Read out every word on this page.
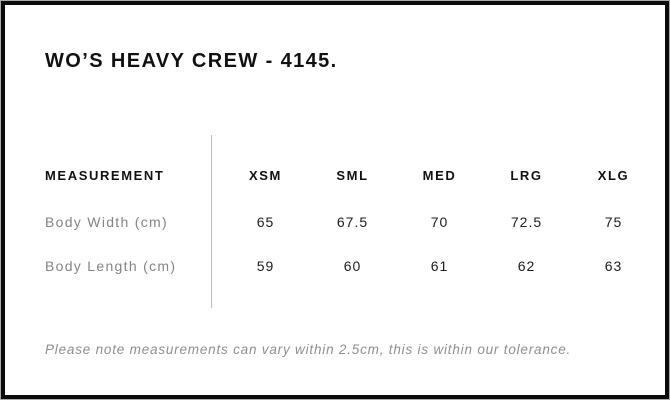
WO’S HEAVY CREW - 4145.
MEASUREMENT	XSM	SML	MED	LRG	XLG
Body Width (cm)	65	67.5	70	72.5	75
Body Length (cm)	59	60	61	62	63

Please note measurements can vary within 2.5cm, this is within our tolerance.
